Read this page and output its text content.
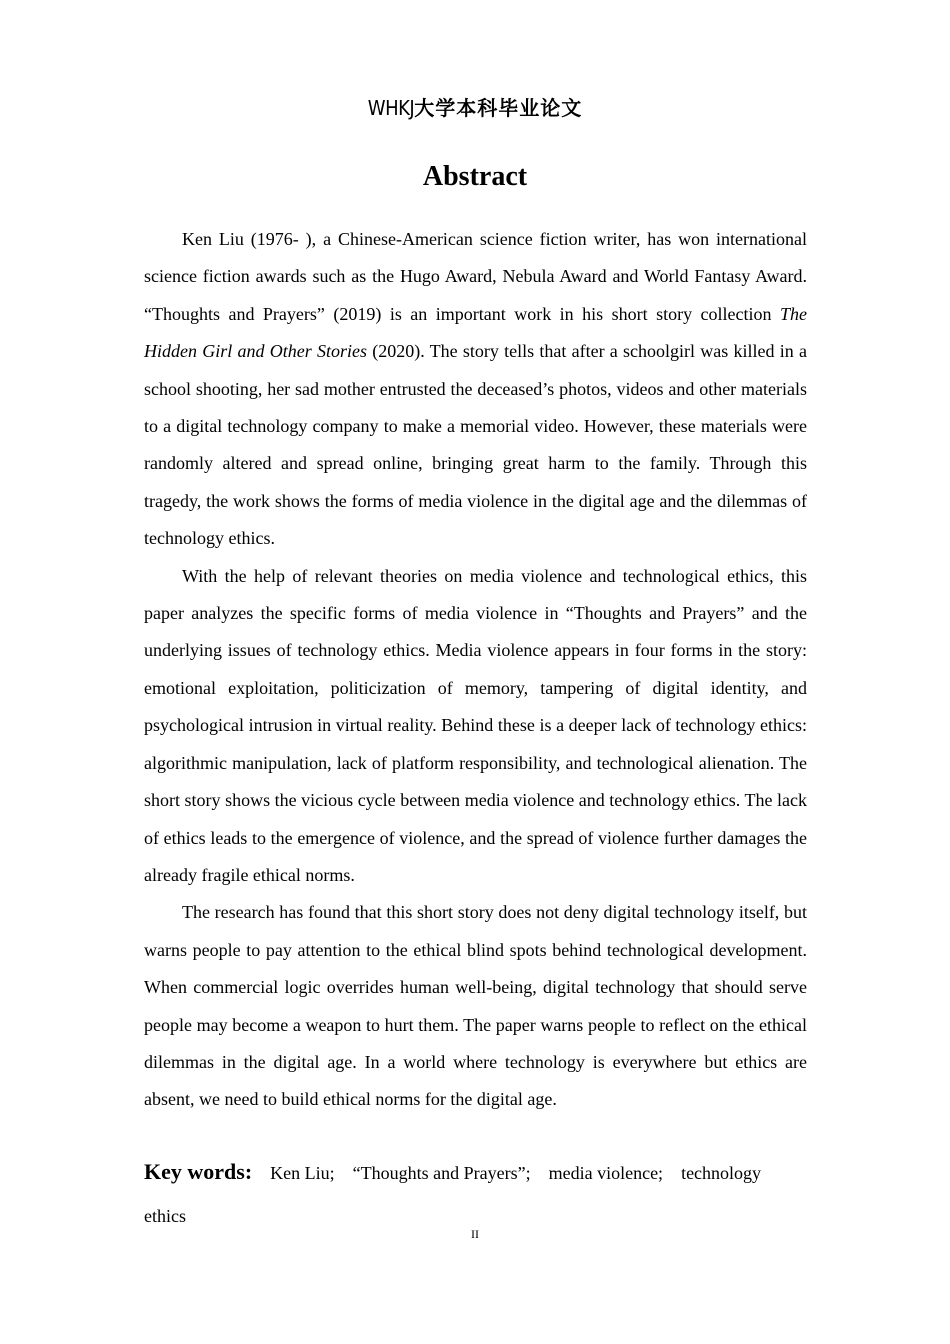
WHKJ大学本科毕业论文
Abstract

Ken Liu (1976- ), a Chinese-American science fiction writer, has won international science fiction awards such as the Hugo Award, Nebula Award and World Fantasy Award. “Thoughts and Prayers” (2019) is an important work in his short story collection The Hidden Girl and Other Stories (2020). The story tells that after a schoolgirl was killed in a school shooting, her sad mother entrusted the deceased’s photos, videos and other materials to a digital technology company to make a memorial video. However, these materials were randomly altered and spread online, bringing great harm to the family. Through this tragedy, the work shows the forms of media violence in the digital age and the dilemmas of technology ethics.

With the help of relevant theories on media violence and technological ethics, this paper analyzes the specific forms of media violence in “Thoughts and Prayers” and the underlying issues of technology ethics. Media violence appears in four forms in the story: emotional exploitation, politicization of memory, tampering of digital identity, and psychological intrusion in virtual reality. Behind these is a deeper lack of technology ethics: algorithmic manipulation, lack of platform responsibility, and technological alienation. The short story shows the vicious cycle between media violence and technology ethics. The lack of ethics leads to the emergence of violence, and the spread of violence further damages the already fragile ethical norms.

The research has found that this short story does not deny digital technology itself, but warns people to pay attention to the ethical blind spots behind technological development. When commercial logic overrides human well-being, digital technology that should serve people may become a weapon to hurt them. The paper warns people to reflect on the ethical dilemmas in the digital age. In a world where technology is everywhere but ethics are absent, we need to build ethical norms for the digital age.

Key words: Ken Liu; “Thoughts and Prayers”; media violence; technology ethics
II
